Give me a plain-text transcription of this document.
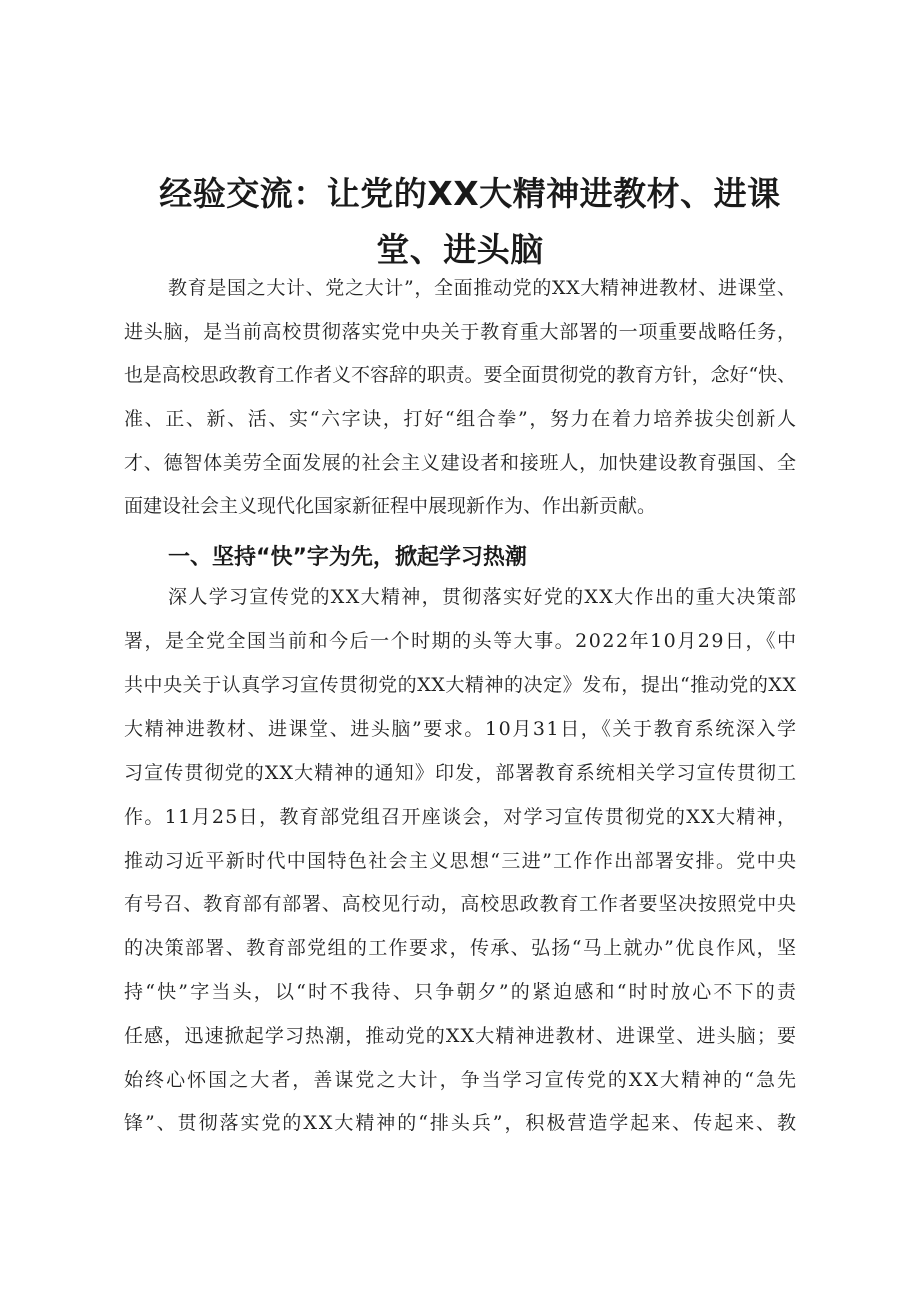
经验交流：让党的XX大精神进教材、进课
堂、进头脑

教育是国之大计、党之大计”，全面推动党的XX大精神进教材、进课堂、

进头脑，是当前高校贯彻落实党中央关于教育重大部署的一项重要战略任务，

也是高校思政教育工作者义不容辞的职责。要全面贯彻党的教育方针，念好“快、

准、正、新、活、实“六字诀，打好“组合拳”，努力在着力培养拔尖创新人

才、德智体美劳全面发展的社会主义建设者和接班人，加快建设教育强国、全

面建设社会主义现代化国家新征程中展现新作为、作出新贡献。

一、坚持“快”字为先，掀起学习热潮

深人学习宣传党的XX大精神，贯彻落实好党的XX大作出的重大决策部

署，是全党全国当前和今后一个时期的头等大事。2022年10月29日，《中

共中央关于认真学习宣传贯彻党的XX大精神的决定》发布，提出“推动党的XX

大精神进教材、进课堂、进头脑”要求。10月31日，《关于教育系统深入学

习宣传贯彻党的XX大精神的通知》印发，部署教育系统相关学习宣传贯彻工

作。11月25日，教育部党组召开座谈会，对学习宣传贯彻党的XX大精神，

推动习近平新时代中国特色社会主义思想“三进”工作作出部署安排。党中央

有号召、教育部有部署、高校见行动，高校思政教育工作者要坚决按照党中央

的决策部署、教育部党组的工作要求，传承、弘扬“马上就办”优良作风，坚

持“快”字当头，以“时不我待、只争朝夕”的紧迫感和“时时放心不下的责

任感，迅速掀起学习热潮，推动党的XX大精神进教材、进课堂、进头脑；要

始终心怀国之大者，善谋党之大计，争当学习宣传党的XX大精神的“急先

锋”、贯彻落实党的XX大精神的“排头兵”，积极营造学起来、传起来、教
